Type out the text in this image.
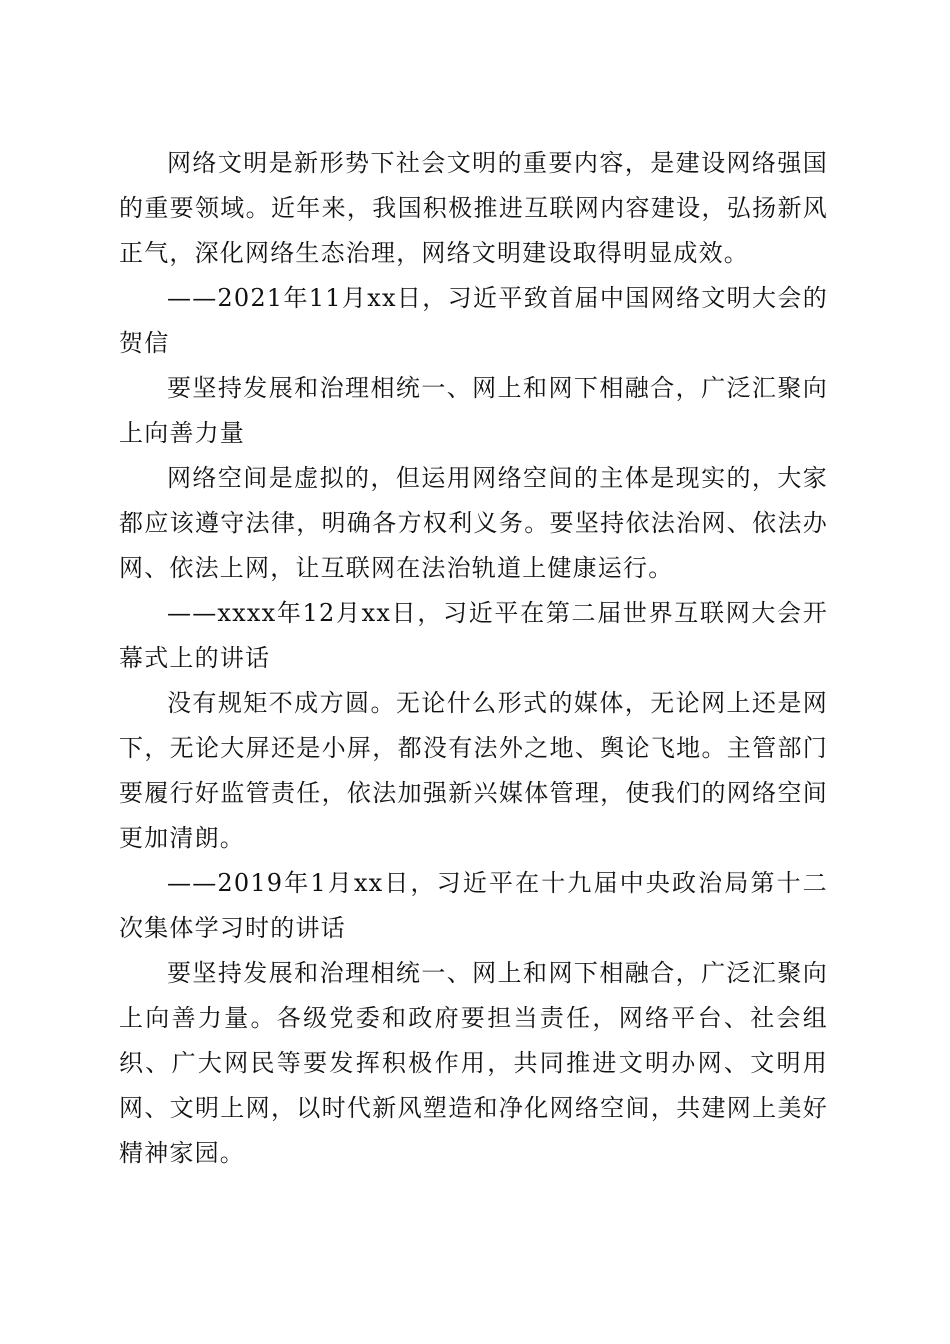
网络文明是新形势下社会文明的重要内容，是建设网络强国的重要领域。近年来，我国积极推进互联网内容建设，弘扬新风正气，深化网络生态治理，网络文明建设取得明显成效。

——2021年11月xx日，习近平致首届中国网络文明大会的贺信

要坚持发展和治理相统一、网上和网下相融合，广泛汇聚向上向善力量

网络空间是虚拟的，但运用网络空间的主体是现实的，大家都应该遵守法律，明确各方权利义务。要坚持依法治网、依法办网、依法上网，让互联网在法治轨道上健康运行。

——xxxx年12月xx日，习近平在第二届世界互联网大会开幕式上的讲话

没有规矩不成方圆。无论什么形式的媒体，无论网上还是网下，无论大屏还是小屏，都没有法外之地、舆论飞地。主管部门要履行好监管责任，依法加强新兴媒体管理，使我们的网络空间更加清朗。

——2019年1月xx日，习近平在十九届中央政治局第十二次集体学习时的讲话

要坚持发展和治理相统一、网上和网下相融合，广泛汇聚向上向善力量。各级党委和政府要担当责任，网络平台、社会组织、广大网民等要发挥积极作用，共同推进文明办网、文明用网、文明上网，以时代新风塑造和净化网络空间，共建网上美好精神家园。
